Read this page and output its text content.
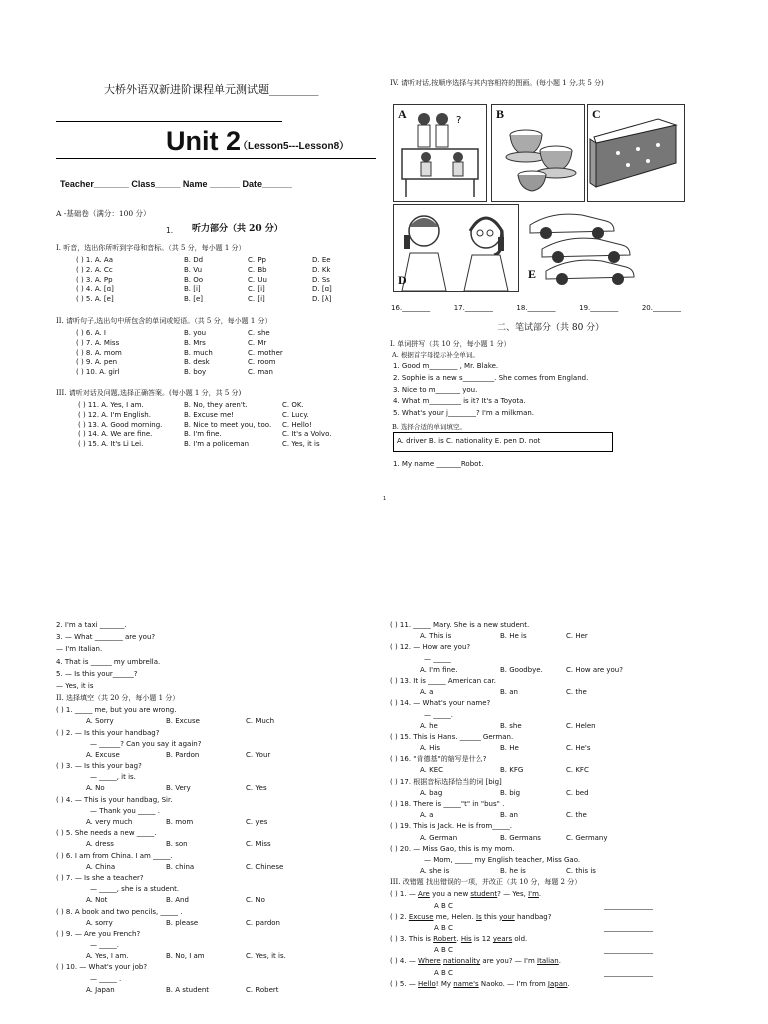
大桥外语双新进阶课程单元测试题_________
Unit 2
（Lesson5---Lesson8）
Teacher_______ Class_____ Name ______ Date______
A -基础卷（满分：100 分）
1. 听力部分（共 20 分）
I. 听音，选出你所听到字母和音标。（共 5 分，每小题 1 分）
( ) 1. A. Aa	B. Dd	C. Pp	D. Ee
( ) 2. A. Cc	B. Vu	C. Bb	D. Kk
( ) 3. A. Pp	B. Oo	C. Uu	D. Ss
( ) 4. A. [ɑ]	B. [i]	C. [i]	D. [ɑ]
( ) 5. A. [e]	B. [e]	C. [i]	D. [λ]
II. 请听句子,选出句中所包含的单词或短语。（共 5 分，每小题 1 分）
( ) 6. A. I	B. you	C. she
( ) 7. A. Miss	B. Mrs	C. Mr
( ) 8. A. mom	B. much	C. mother
( ) 9. A. pen	B. desk	C. room
( ) 10. A. girl	B. boy	C. man
III. 请听对话及问题,选择正确答案。(每小题 1 分，共 5 分)
( ) 11. A. Yes, I am.	B. No, they aren't.	C. OK.
( ) 12. A. I'm English.	B. Excuse me!	C. Lucy.
( ) 13. A. Good morning.	B. Nice to meet you, too.	C. Hello!
( ) 14. A. We are fine.	B. I'm fine.	C. It's a Volvo.
( ) 15. A. It's Li Lei.	B. I'm a policeman	C. Yes, it is
IV. 请听对话,按顺序选择与其内容相符的图画。(每小题 1 分,共 5 分)
?
A	B	C
D	E
16.________	17.________	18.________	19.________	20.________
二、笔试部分（共 80 分）
I. 单词拼写（共 10 分，每小题 1 分）
A. 根据首字母提示补全单词。
1. Good m________ , Mr. Blake.
2. Sophie is a new s_________. She comes from England.
3. Nice to m_______ you.
4. What m_________ is it? It's a Toyota.
5. What's your j________? I'm a milkman.
B. 选择合适的单词填空。
A. driver B. is C. nationality E. pen D. not
1. My name _______Robot.
1
2. I'm a taxi _______.
3. — What ________ are you?
— I'm Italian.
4. That is ______ my umbrella.
5. — Is this your______?
— Yes, it is
II. 选择填空（共 20 分，每小题 1 分）
( ) 1. _____ me, but you are wrong.
A. Sorry	B. Excuse	C. Much
( ) 2. — Is this your handbag?
— ______? Can you say it again?
A. Excuse	B. Pardon	C. Your
( ) 3. — Is this your bag?
— _____, it is.
A. No	B. Very	C. Yes
( ) 4. — This is your handbag, Sir.
— Thank you _____ .
A. very much	B. mom	C. yes
( ) 5. She needs a new _____.
A. dress	B. son	C. Miss
( ) 6. I am from China. I am _____.
A. China	B. china	C. Chinese
( ) 7. — Is she a teacher?
— _____, she is a student.
A. Not	B. And	C. No
( ) 8. A book and two pencils, _____ .
A. sorry	B. please	C. pardon
( ) 9. — Are you French?
— _____.
A. Yes, I am.	B. No, I am	C. Yes, it is.
( ) 10. — What's your job?
— _____ .
A. Japan	B. A student	C. Robert
( ) 11. _____ Mary. She is a new student.
A. This is	B. He is	C. Her
( ) 12. — How are you?
— _____
A. I'm fine.	B. Goodbye.	C. How are you?
( ) 13. It is _____ American car.
A. a	B. an	C. the
( ) 14. — What's your name?
— _____.
A. he	B. she	C. Helen
( ) 15. This is Hans. ______ German.
A. His	B. He	C. He's
( ) 16. "肯德基"的缩写是什么?
A. KEC	B. KFG	C. KFC
( ) 17. 根据音标选择恰当的词 [big]
A. bag	B. big	C. bed
( ) 18. There is _____"t" in "bus" .
A. a	B. an	C. the
( ) 19. This is Jack. He is from_____.
A. German	B. Germans	C. Germany
( ) 20. — Miss Gao, this is my mom.
— Mom, _____ my English teacher, Miss Gao.
A. she is	B. he is	C. this is
III. 改错题 找出错误的一项，并改正（共 10 分，每题 2 分）
( ) 1. — Are you a new student? — Yes, I'm.
A B C	______________
( ) 2. Excuse me, Helen. Is this your handbag?
A B C	______________
( ) 3. This is Robert. His is 12 years old.
A B C	______________
( ) 4. — Where nationality are you? — I'm Italian.
A B C	______________
( ) 5. — Hello! My name's Naoko. — I'm from Japan.
